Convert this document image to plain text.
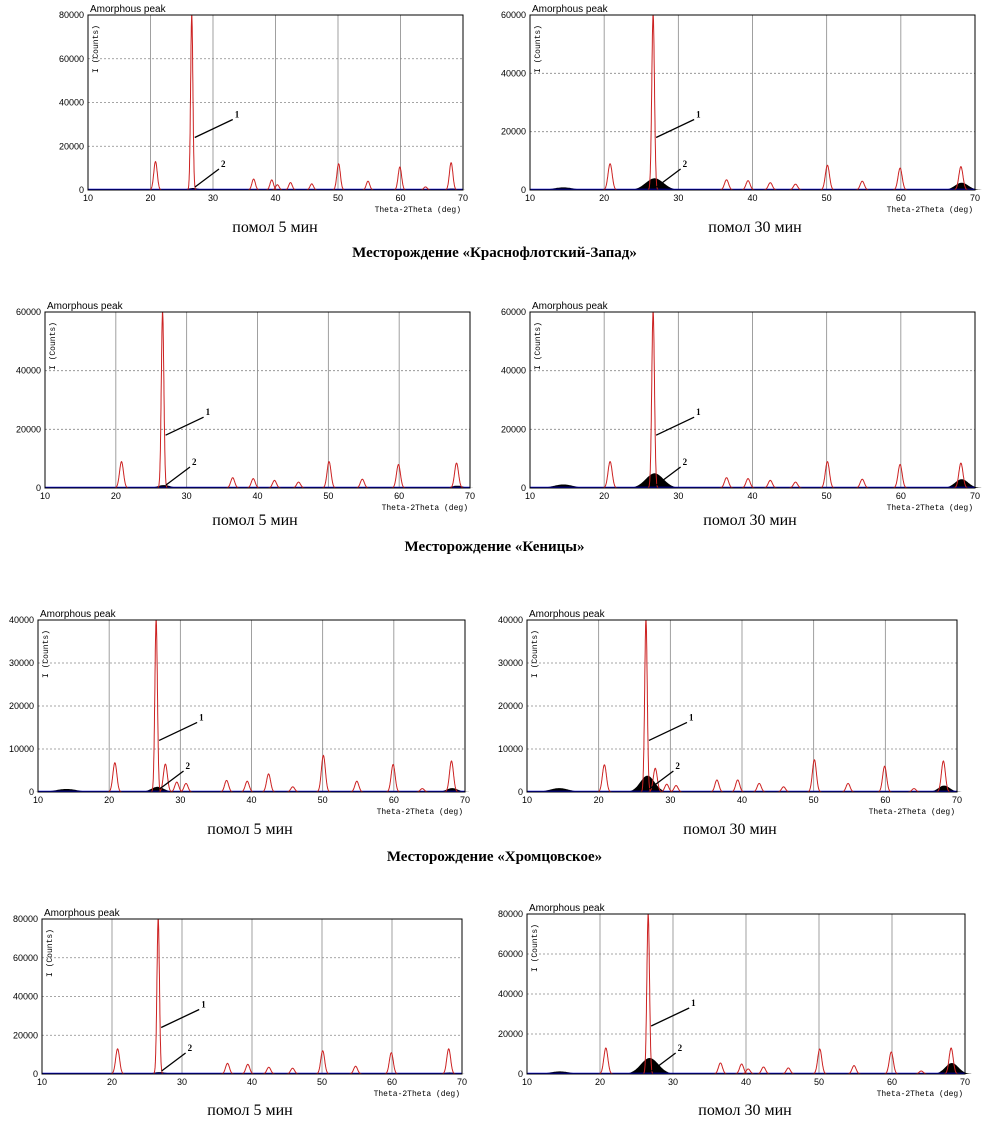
0
20000
40000
60000
80000
10	20	30	40	50	60	70
Amorphous peak
I (Counts)
Theta-2Theta (deg)
1
2
0
20000
40000
60000
10	20	30	40	50	60	70
Amorphous peak
I (Counts)
Theta-2Theta (deg)
1
2
помол 5 мин	помол 30 мин
Месторождение «Краснофлотский-Запад»
0
20000
40000
60000
10	20	30	40	50	60	70
Amorphous peak
I (Counts)
Theta-2Theta (deg)
1
2
0
20000
40000
60000
10	20	30	40	50	60	70
Amorphous peak
I (Counts)
Theta-2Theta (deg)
1
2
помол 5 мин	помол 30 мин
Месторождение «Кеницы»
0
10000
20000
30000
40000
10	20	30	40	50	60	70
Amorphous peak
I (Counts)
Theta-2Theta (deg)
1
2
0
10000
20000
30000
40000
10	20	30	40	50	60	70
Amorphous peak
I (Counts)
Theta-2Theta (deg)
1
2
помол 5 мин	помол 30 мин
Месторождение «Хромцовское»
0
20000
40000
60000
80000
10	20	30	40	50	60	70
Amorphous peak
I (Counts)
Theta-2Theta (deg)
1
2
0
20000
40000
60000
80000
10	20	30	40	50	60	70
Amorphous peak
I (Counts)
Theta-2Theta (deg)
1
2
помол 5 мин	помол 30 мин
